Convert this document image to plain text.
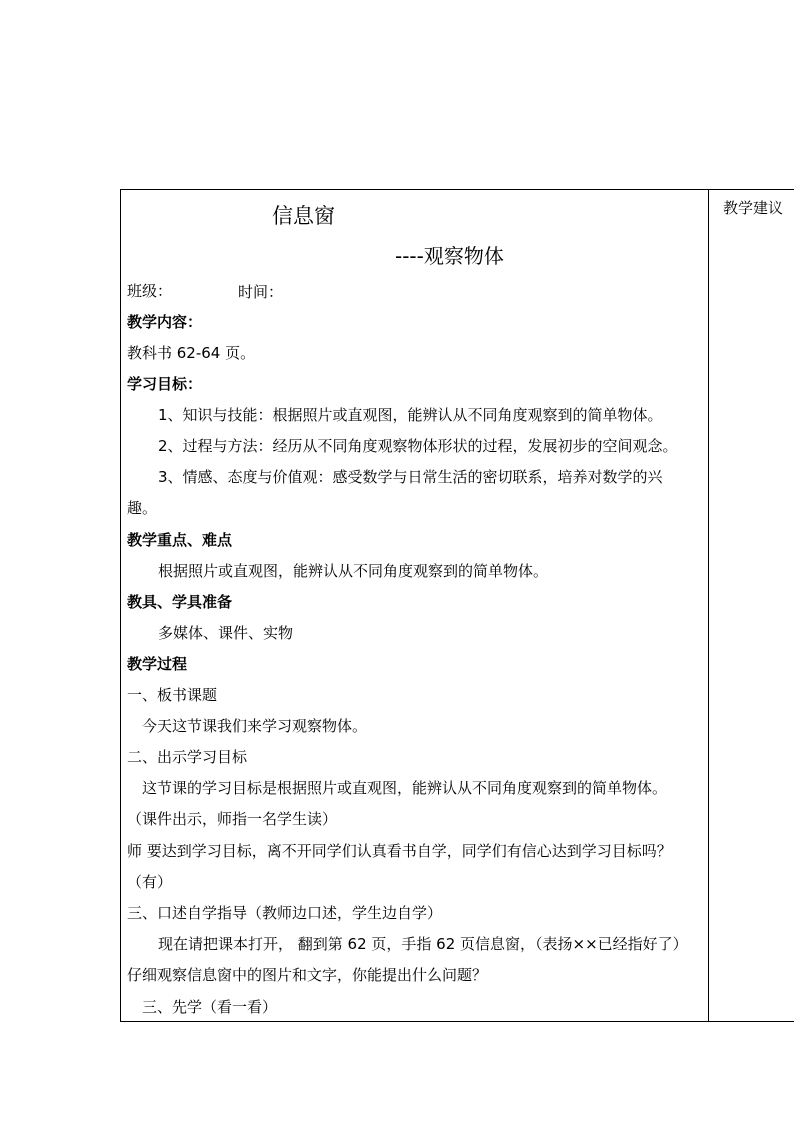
教学建议
信息窗
----观察物体
班级：	时间：
教学内容：
教科书 62-64 页。
学习目标：
1、知识与技能：根据照片或直观图，能辨认从不同角度观察到的简单物体。
2、过程与方法：经历从不同角度观察物体形状的过程，发展初步的空间观念。
3、情感、态度与价值观：感受数学与日常生活的密切联系，培养对数学的兴
趣。
教学重点、难点
根据照片或直观图，能辨认从不同角度观察到的简单物体。
教具、学具准备
多媒体、课件、实物
教学过程
一、板书课题
今天这节课我们来学习观察物体。
二、出示学习目标
这节课的学习目标是根据照片或直观图，能辨认从不同角度观察到的简单物体。
（课件出示，师指一名学生读）
师 要达到学习目标，离不开同学们认真看书自学，同学们有信心达到学习目标吗？
（有）
三、口述自学指导（教师边口述，学生边自学）
现在请把课本打开， 翻到第 62 页，手指 62 页信息窗，（表扬××已经指好了）
仔细观察信息窗中的图片和文字，你能提出什么问题？
三、先学（看一看）
